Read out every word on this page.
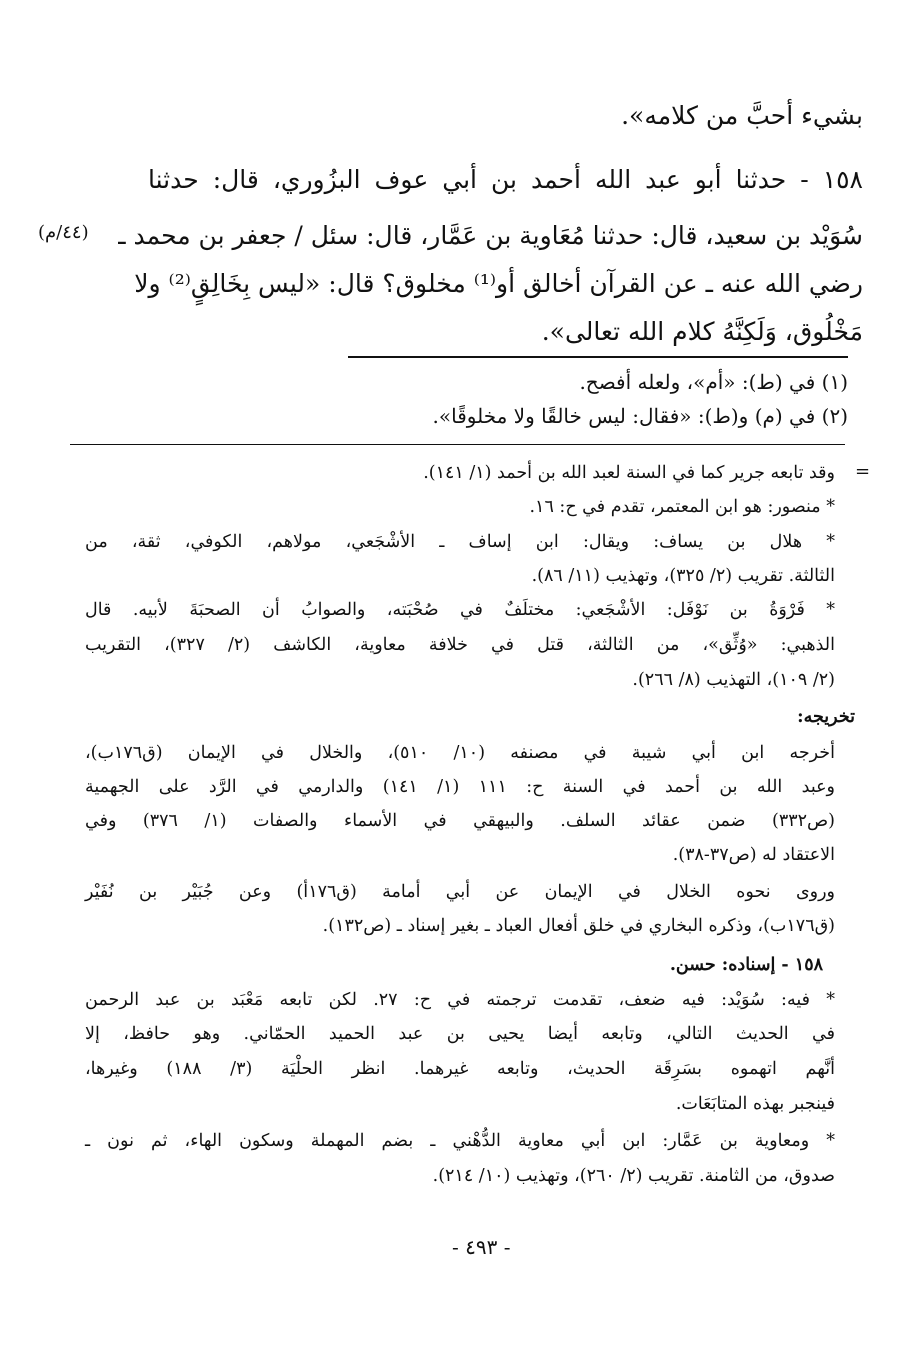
بشيء أحبَّ من كلامه».
١٥٨ - حدثنا أبو عبد الله أحمد بن أبي عوف البزُوري، قال: حدثنا
سُوَيْد بن سعيد، قال: حدثنا مُعَاوية بن عَمَّار، قال: سئل / جعفر بن محمد ـ
رضي الله عنه ـ عن القرآن أخالق أو⁽¹⁾ مخلوق؟ قال: «ليس بِخَالِقٍ⁽²⁾ ولا
مَخْلُوق، وَلَكِنَّهُ كلام الله تعالى».
(٤٤/م)
(١) في (ط): «أم»، ولعله أفصح.
(٢) في (م) و(ط): «فقال: ليس خالقًا ولا مخلوقًا».
=
وقد تابعه جرير كما في السنة لعبد الله بن أحمد (١/ ١٤١).
* منصور: هو ابن المعتمر، تقدم في ح: ١٦.
* هلال بن يساف: ويقال: ابن إساف ـ الأشْجَعي، مولاهم، الكوفي، ثقة، من
الثالثة. تقريب (٢/ ٣٢٥)، وتهذيب (١١/ ٨٦).
* فَرْوَةُ بن نَوْفَل: الأشْجَعي: مختلَفٌ في صُحْبَته، والصوابُ أن الصحبَةَ لأبيه. قال
الذهبي: «وُثِّق»، من الثالثة، قتل في خلافة معاوية، الكاشف (٢/ ٣٢٧)، التقريب
(٢/ ١٠٩)، التهذيب (٨/ ٢٦٦).
تخريجه:
أخرجه ابن أبي شيبة في مصنفه (١٠/ ٥١٠)، والخلال في الإيمان (ق١٧٦ب)،
وعبد الله بن أحمد في السنة ح: ١١١ (١/ ١٤١) والدارمي في الرَّد على الجهمية
(ص٣٣٢) ضمن عقائد السلف. والبيهقي في الأسماء والصفات (١/ ٣٧٦) وفي
الاعتقاد له (ص٣٧-٣٨).
وروى نحوه الخلال في الإيمان عن أبي أمامة (ق١٧٦أ) وعن جُبَيْر بن نُفَيْر
(ق١٧٦ب)، وذكره البخاري في خلق أفعال العباد ـ بغير إسناد ـ (ص١٣٢).
١٥٨ - إسناده: حسن.
* فيه: سُوَيْد: فيه ضعف، تقدمت ترجمته في ح: ٢٧. لكن تابعه مَعْبَد بن عبد الرحمن
في الحديث التالي، وتابعه أيضا يحيى بن عبد الحميد الحمّاني. وهو حافظ، إلا
أنَّهم اتهموه بسَرِقَة الحديث، وتابعه غيرهما. انظر الحلْيَة (٣/ ١٨٨) وغيرها،
فينجبر بهذه المتابَعَات.
* ومعاوية بن عَمَّار: ابن أبي معاوية الدُّهْني ـ بضم المهملة وسكون الهاء، ثم نون ـ
صدوق، من الثامنة. تقريب (٢/ ٢٦٠)، وتهذيب (١٠/ ٢١٤).
- ٤٩٣ -
